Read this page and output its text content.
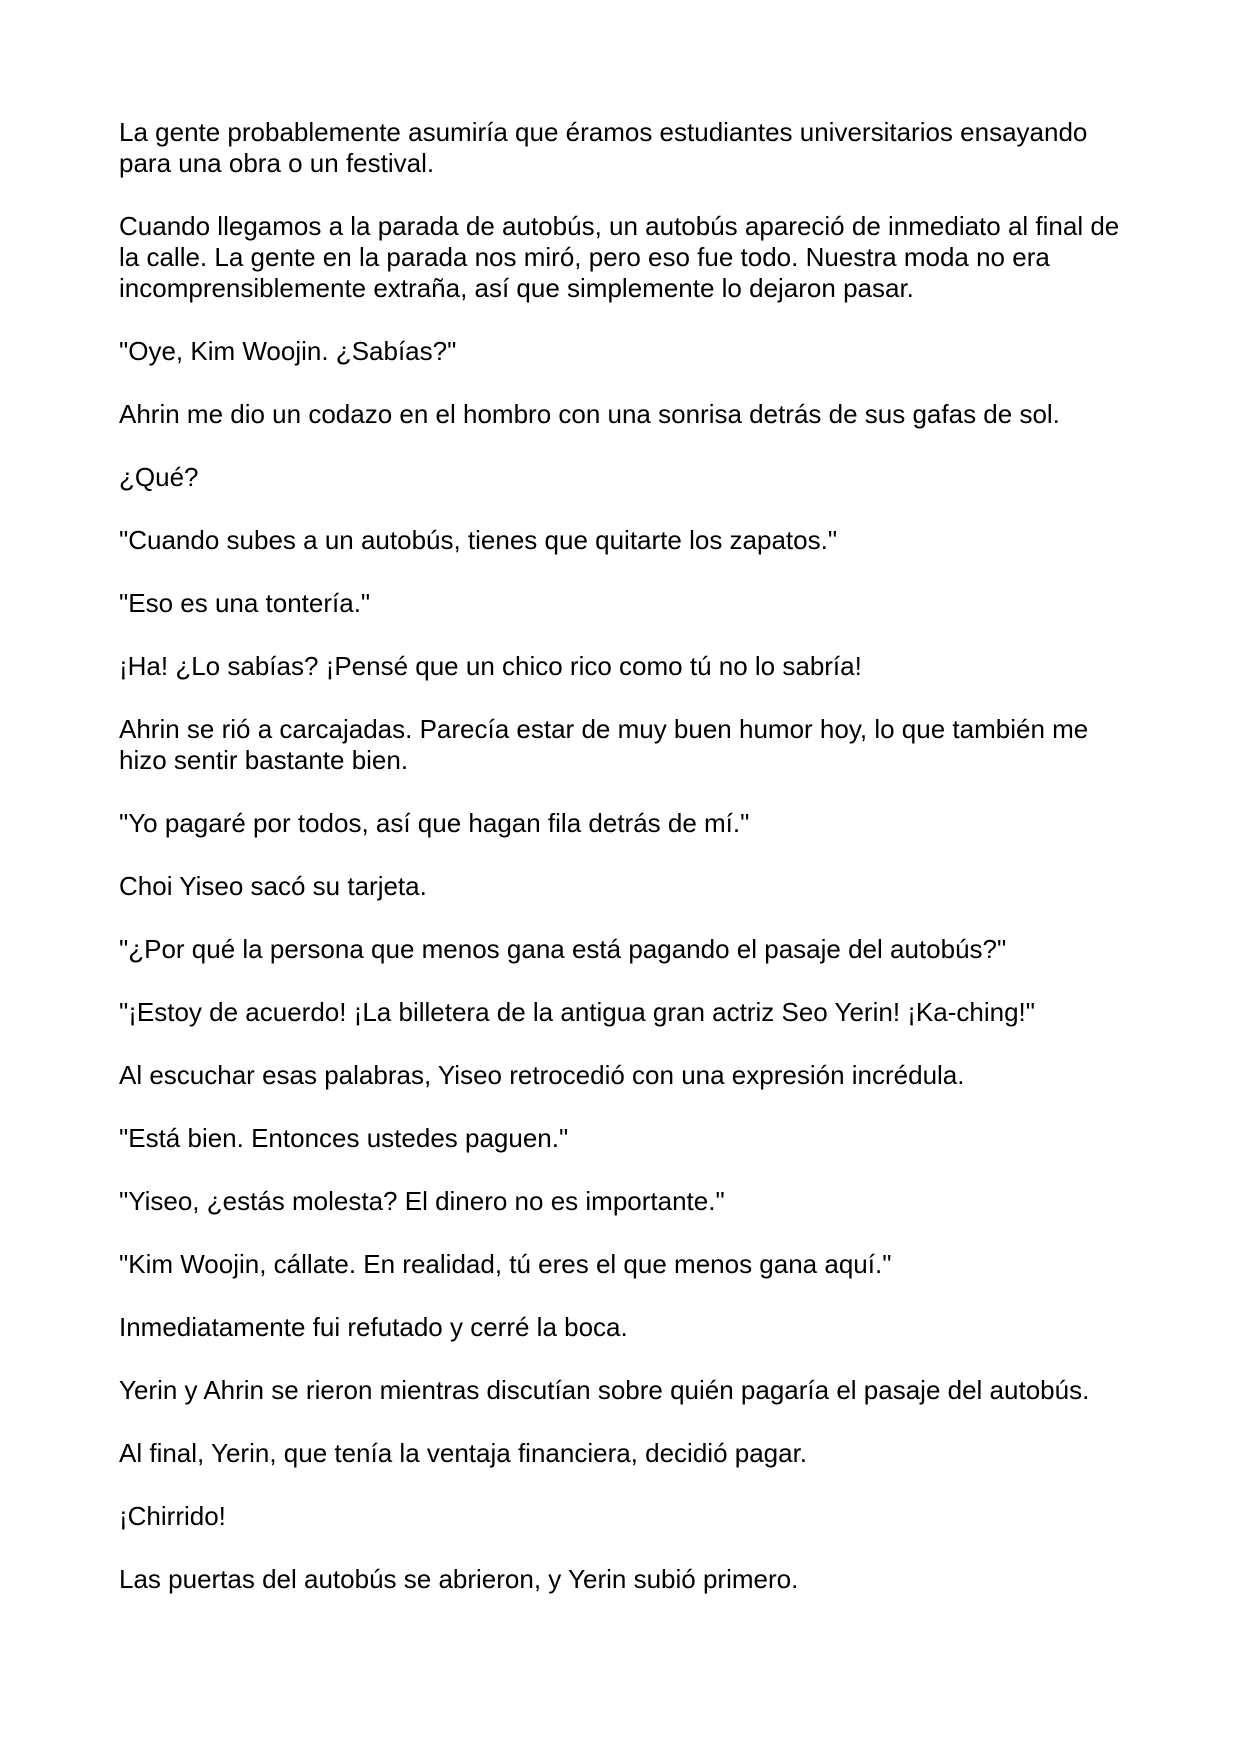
La gente probablemente asumiría que éramos estudiantes universitarios ensayando para una obra o un festival.

Cuando llegamos a la parada de autobús, un autobús apareció de inmediato al final de la calle. La gente en la parada nos miró, pero eso fue todo. Nuestra moda no era incomprensiblemente extraña, así que simplemente lo dejaron pasar.

"Oye, Kim Woojin. ¿Sabías?"

Ahrin me dio un codazo en el hombro con una sonrisa detrás de sus gafas de sol.

¿Qué?

"Cuando subes a un autobús, tienes que quitarte los zapatos."

"Eso es una tontería."

¡Ha! ¿Lo sabías? ¡Pensé que un chico rico como tú no lo sabría!

Ahrin se rió a carcajadas. Parecía estar de muy buen humor hoy, lo que también me hizo sentir bastante bien.

"Yo pagaré por todos, así que hagan fila detrás de mí."

Choi Yiseo sacó su tarjeta.

"¿Por qué la persona que menos gana está pagando el pasaje del autobús?"

"¡Estoy de acuerdo! ¡La billetera de la antigua gran actriz Seo Yerin! ¡Ka-ching!"

Al escuchar esas palabras, Yiseo retrocedió con una expresión incrédula.

"Está bien. Entonces ustedes paguen."

"Yiseo, ¿estás molesta? El dinero no es importante."

"Kim Woojin, cállate. En realidad, tú eres el que menos gana aquí."

Inmediatamente fui refutado y cerré la boca.

Yerin y Ahrin se rieron mientras discutían sobre quién pagaría el pasaje del autobús.

Al final, Yerin, que tenía la ventaja financiera, decidió pagar.

¡Chirrido!

Las puertas del autobús se abrieron, y Yerin subió primero.
